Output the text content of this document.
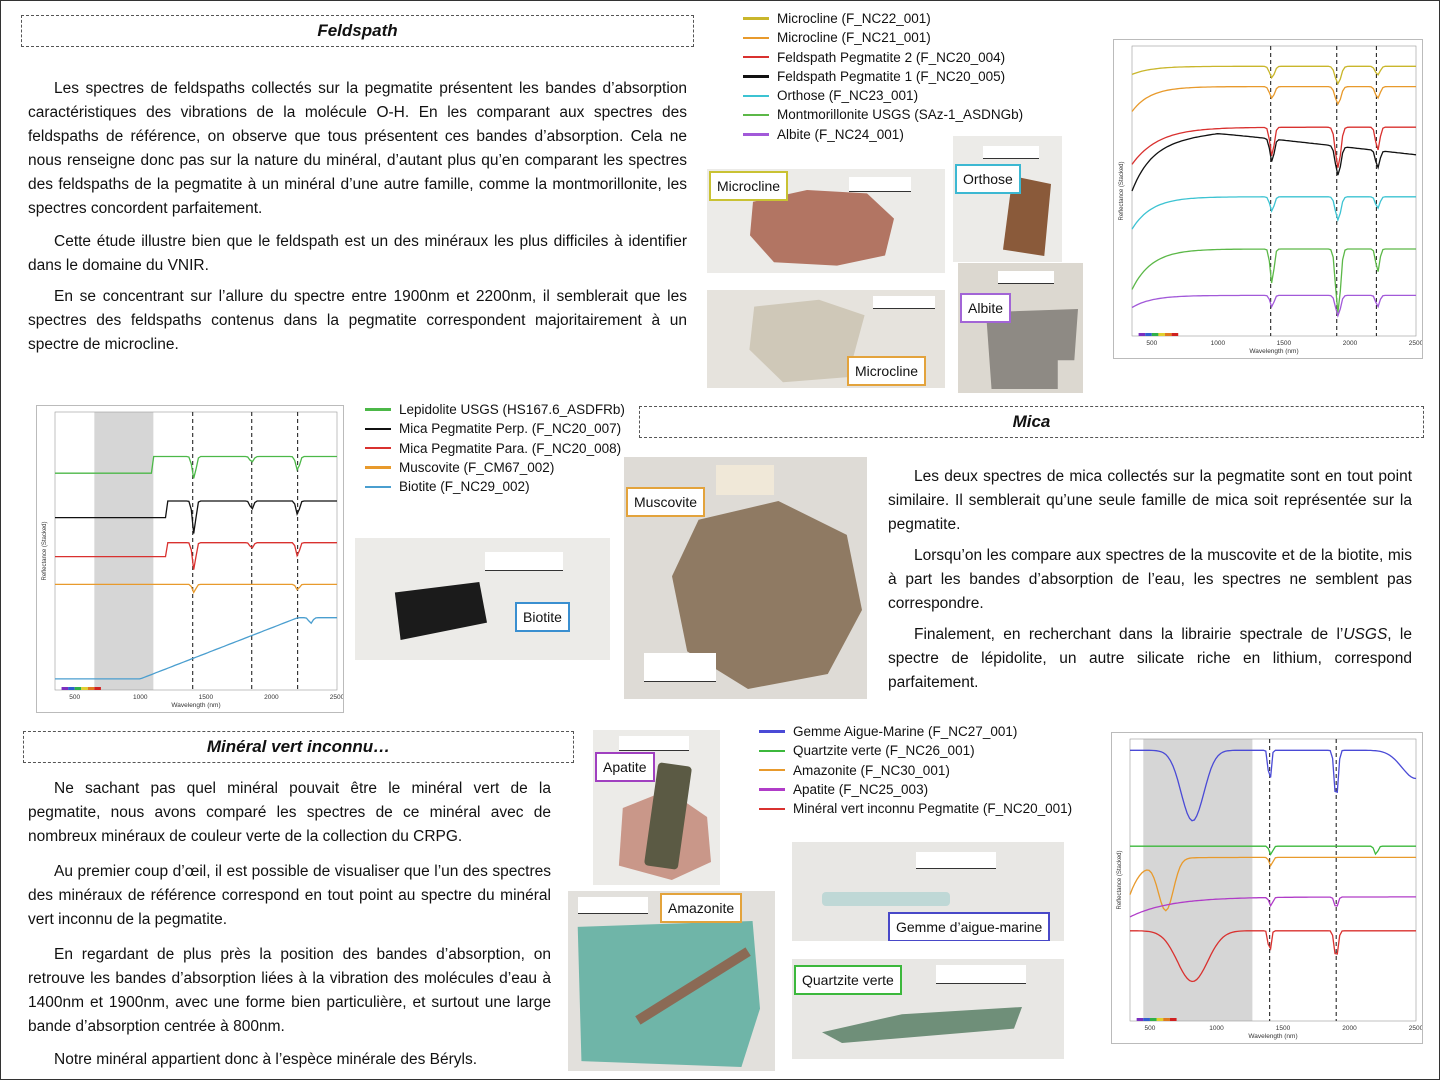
Feldspath

Les spectres de feldspaths collectés sur la pegmatite présentent les bandes d’absorption caractéristiques des vibrations de la molécule O-H. En les comparant aux spectres des feldspaths de référence, on observe que tous présentent ces bandes d’absorption. Cela ne nous renseigne donc pas sur la nature du minéral, d’autant plus qu’en comparant les spectres des feldspaths de la pegmatite à un minéral d’une autre famille, comme la montmorillonite, les spectres concordent parfaitement.

Cette étude illustre bien que le feldspath est un des minéraux les plus difficiles à identifier dans le domaine du VNIR.

En se concentrant sur l’allure du spectre entre 1900nm et 2200nm, il semblerait que les spectres des feldspaths contenus dans la pegmatite correspondent majoritairement à un spectre de microcline.

Microcline (F_NC22_001)
Microcline (F_NC21_001)
Feldspath Pegmatite 2 (F_NC20_004)
Feldspath Pegmatite 1 (F_NC20_005)
Orthose (F_NC23_001)
Montmorillonite USGS (SAz-1_ASDNGb)
Albite (F_NC24_001)
Microcline	Orthose
Microcline
Albite
500	1000	1500	2000	2500
Wavelength (nm)
Reflectance (Stacked)
500	1000	1500	2000	2500
Wavelength (nm)
Reflectance (Stacked)
Lepidolite USGS (HS167.6_ASDFRb)
Mica Pegmatite Perp. (F_NC20_007)
Mica Pegmatite Para. (F_NC20_008)
Muscovite (F_CM67_002)
Biotite (F_NC29_002)
Biotite
Muscovite
Mica

Les deux spectres de mica collectés sur la pegmatite sont en tout point similaire. Il semblerait qu’une seule famille de mica soit représentée sur la pegmatite.

Lorsqu’on les compare aux spectres de la muscovite et de la biotite, mis à part les bandes d’absorption de l’eau, les spectres ne semblent pas correspondre.

Finalement, en recherchant dans la librairie spectrale de l’USGS, le spectre de lépidolite, un autre silicate riche en lithium, correspond parfaitement.

Minéral vert inconnu…

Ne sachant pas quel minéral pouvait être le minéral vert de la pegmatite, nous avons comparé les spectres de ce minéral avec de nombreux minéraux de couleur verte de la collection du CRPG.

Au premier coup d’œil, il est possible de visualiser que l’un des spectres des minéraux de référence correspond en tout point au spectre du minéral vert inconnu de la pegmatite.

En regardant de plus près la position des bandes d’absorption, on retrouve les bandes d’absorption liées à la vibration des molécules d’eau à 1400nm et 1900nm, avec une forme bien particulière, et surtout une large bande d’absorption centrée à 800nm.

Notre minéral appartient donc à l’espèce minérale des Béryls.

Apatite
Amazonite
Gemme d’aigue-marine
Quartzite verte
Gemme Aigue-Marine (F_NC27_001)
Quartzite verte (F_NC26_001)
Amazonite (F_NC30_001)
Apatite (F_NC25_003)
Minéral vert inconnu Pegmatite (F_NC20_001)
500	1000	1500	2000	2500
Wavelength (nm)
Reflectance (Stacked)
